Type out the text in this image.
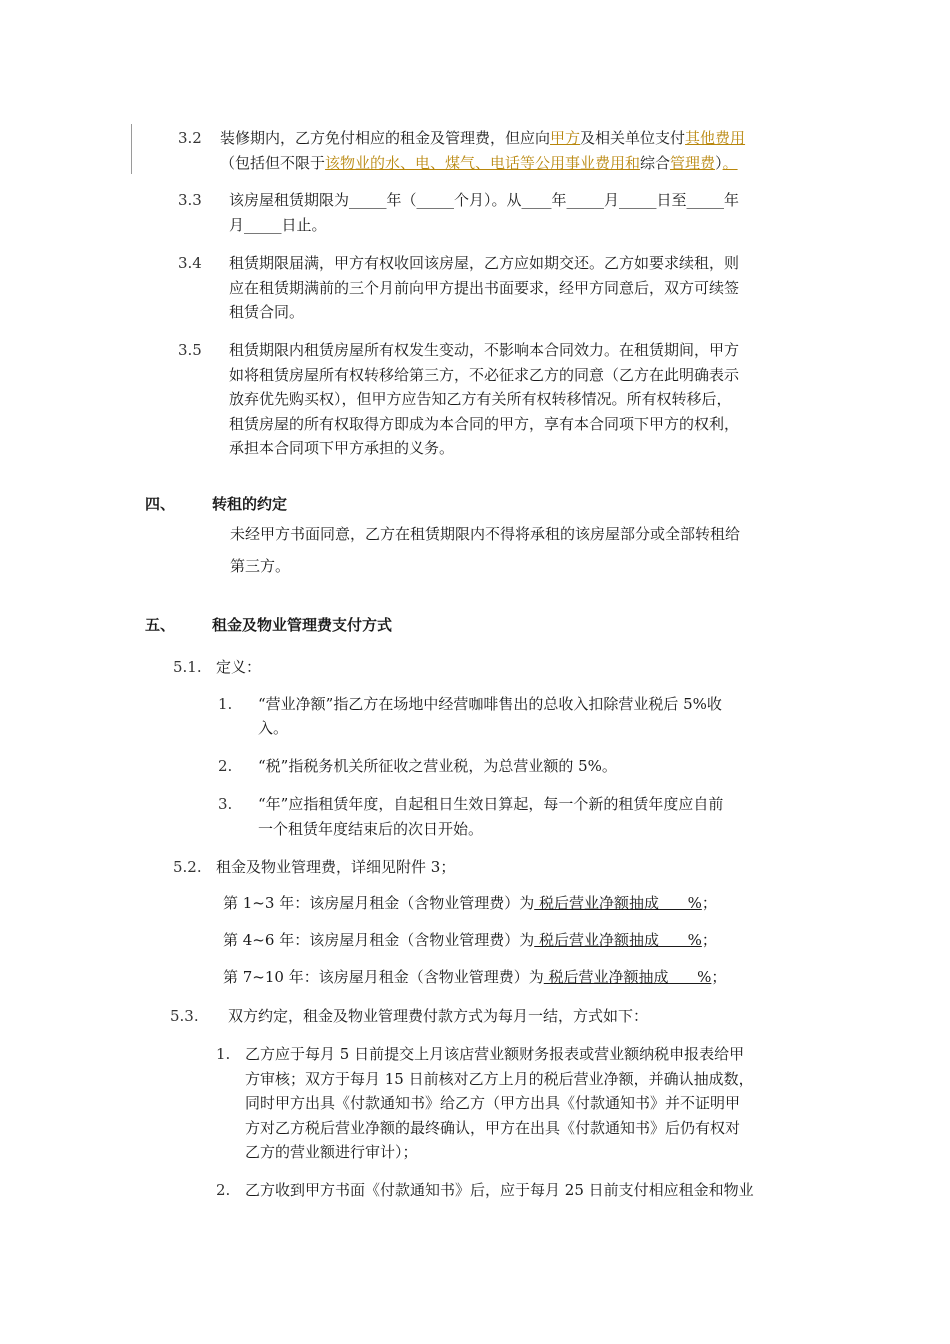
3.2 装修期内，乙方免付相应的租金及管理费，但应向甲方及相关单位支付其他费用
（包括但不限于该物业的水、电、煤气、电话等公用事业费用和综合管理费）。
3.3 该房屋租赁期限为_____年（_____个月）。从____年_____月_____日至_____年
月_____日止。
3.4 租赁期限届满，甲方有权收回该房屋，乙方应如期交还。乙方如要求续租，则
应在租赁期满前的三个月前向甲方提出书面要求，经甲方同意后，双方可续签
租赁合同。
3.5 租赁期限内租赁房屋所有权发生变动，不影响本合同效力。在租赁期间，甲方
如将租赁房屋所有权转移给第三方，不必征求乙方的同意（乙方在此明确表示
放弃优先购买权），但甲方应告知乙方有关所有权转移情况。所有权转移后，
租赁房屋的所有权取得方即成为本合同的甲方，享有本合同项下甲方的权利，
承担本合同项下甲方承担的义务。
四、 转租的约定
未经甲方书面同意，乙方在租赁期限内不得将承租的该房屋部分或全部转租给
第三方。
五、 租金及物业管理费支付方式
5.1. 定义：
1. “营业净额”指乙方在场地中经营咖啡售出的总收入扣除营业税后 5%收
入。
2. “税”指税务机关所征收之营业税，为总营业额的 5%。
3. “年”应指租赁年度，自起租日生效日算起，每一个新的租赁年度应自前
一个租赁年度结束后的次日开始。
5.2. 租金及物业管理费，详细见附件 3；
第 1~3 年：该房屋月租金（含物业管理费）为 税后营业净额抽成      %；
第 4~6 年：该房屋月租金（含物业管理费）为 税后营业净额抽成      %；
第 7~10 年：该房屋月租金（含物业管理费）为 税后营业净额抽成      %；
5.3. 双方约定，租金及物业管理费付款方式为每月一结，方式如下：
1. 乙方应于每月 5 日前提交上月该店营业额财务报表或营业额纳税申报表给甲
方审核；双方于每月 15 日前核对乙方上月的税后营业净额，并确认抽成数，
同时甲方出具《付款通知书》给乙方（甲方出具《付款通知书》并不证明甲
方对乙方税后营业净额的最终确认，甲方在出具《付款通知书》后仍有权对
乙方的营业额进行审计）；
2. 乙方收到甲方书面《付款通知书》后，应于每月 25 日前支付相应租金和物业
